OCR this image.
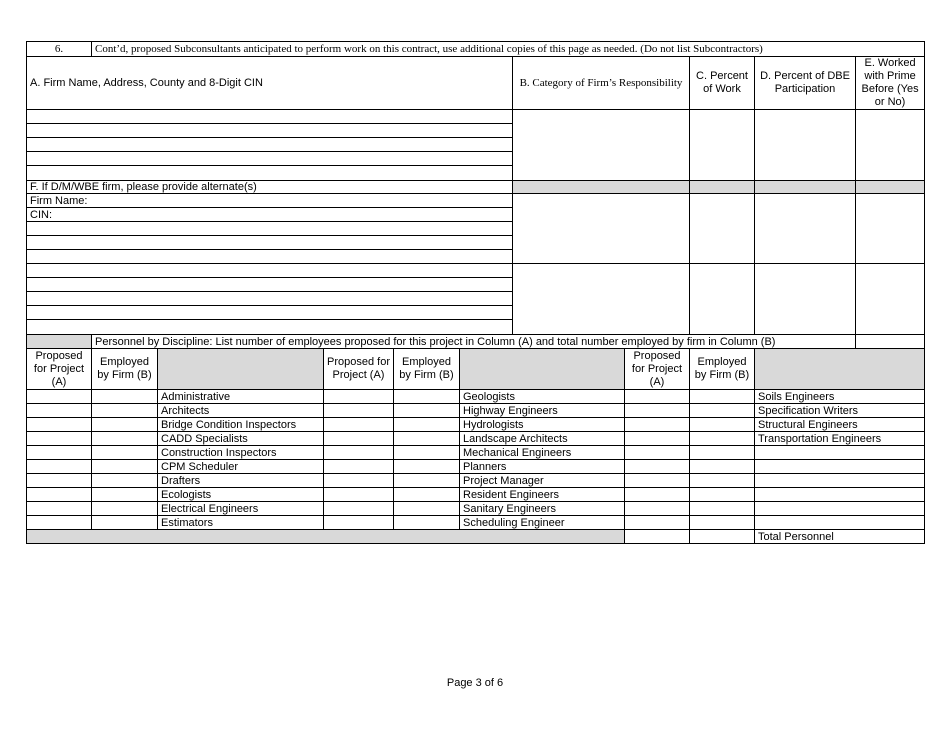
6.	Cont’d, proposed Subconsultants anticipated to perform work on this contract, use additional copies of this page as needed. (Do not list Subcontractors)									
A. Firm Name, Address, County and 8-Digit CIN						B. Category of Firm’s Responsibility		C. Percent of Work	D. Percent of DBE Participation	E. Worked with Prime Before (Yes or No)

F. If D/M/WBE firm, please provide alternate(s)										
Firm Name:										
CIN:										

	Personnel by Discipline: List number of employees proposed for this project in Column (A) and total number employed by firm in Column (B)									
Proposed for Project (A)	Employed by Firm (B)		Proposed for Project (A)	Employed by Firm (B)			Proposed for Project (A)	Employed by Firm (B)		
		Administrative			Geologists				Soils Engineers	
		Architects			Highway Engineers				Specification Writers	
		Bridge Condition Inspectors			Hydrologists				Structural Engineers	
		CADD Specialists			Landscape Architects				Transportation Engineers	
		Construction Inspectors			Mechanical Engineers					
		CPM Scheduler			Planners					
		Drafters			Project Manager					
		Ecologists			Resident Engineers					
		Electrical Engineers			Sanitary Engineers					
		Estimators			Scheduling Engineer					
									Total Personnel	
Page 3 of 6
